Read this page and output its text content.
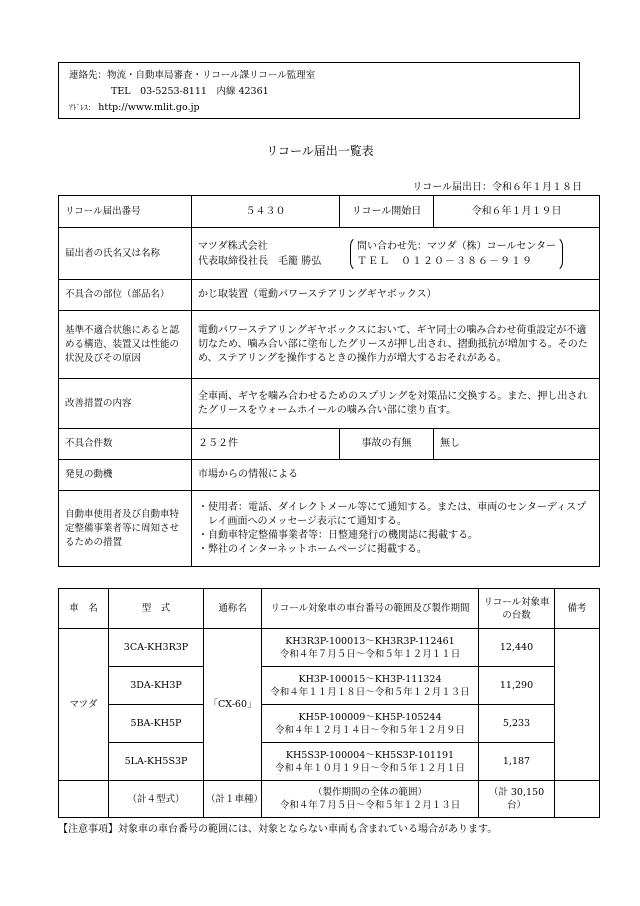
連絡先：物流・自動車局審査・リコール課リコール監理室
TEL　03-5253-8111　内線 42361
ｱﾄﾞﾚｽ： http://www.mlit.go.jp
リコール届出一覧表
リコール届出日：令和６年１月１８日
リコール届出番号	５４３０	リコール開始日	令和６年１月１９日
届出者の氏名又は名称	マツダ株式会社
代表取締役社長　毛籠 勝弘
問い合わせ先：マツダ（株）コールセンター
ＴＥＬ　０１２０－３８６－９１９		

不具合の部位（部品名）	かじ取装置（電動パワーステアリングギヤボックス）		
基準不適合状態にあると認める構造、装置又は性能の状況及びその原因	電動パワーステアリングギヤボックスにおいて、ギヤ同士の噛み合わせ荷重設定が不適切なため、噛み合い部に塗布したグリースが押し出され、摺動抵抗が増加する。そのため、ステアリングを操作するときの操作力が増大するおそれがある。		
改善措置の内容	全車両、ギヤを噛み合わせるためのスプリングを対策品に交換する。また、押し出されたグリースをウォームホイールの噛み合い部に塗り直す。		
不具合件数	２５２件	事故の有無	無し
発見の動機	市場からの情報による		
自動車使用者及び自動車特定整備事業者等に周知させるための措置	・使用者：電話、ダイレクトメール等にて通知する。または、車両のセンターディスプレイ画面へのメッセージ表示にて通知する。
・自動車特定整備事業者等：日整連発行の機関誌に掲載する。
・弊社のインターネットホームページに掲載する。		
車　名	型　式	通称名	リコール対象車の車台番号の範囲及び製作期間	リコール対象車の台数	備考
マツダ	3CA-KH3R3P	「CX-60」	KH3R3P-100013～KH3R3P-112461
令和４年７月５日～令和５年１２月１１日	12,440	
	3DA-KH3P		KH3P-100015～KH3P-111324
令和４年１１月１８日～令和５年１２月１３日	11,290	
	5BA-KH5P		KH5P-100009～KH5P-105244
令和４年１２月１４日～令和５年１２月９日	5,233	
	5LA-KH5S3P		KH5S3P-100004～KH5S3P-101191
令和４年１０月１９日～令和５年１２月１日	1,187	
	（計４型式）	（計１車種）	（製作期間の全体の範囲）
令和４年７月５日～令和５年１２月１３日	（計 30,150 台）	
【注意事項】対象車の車台番号の範囲には、対象とならない車両も含まれている場合があります。
